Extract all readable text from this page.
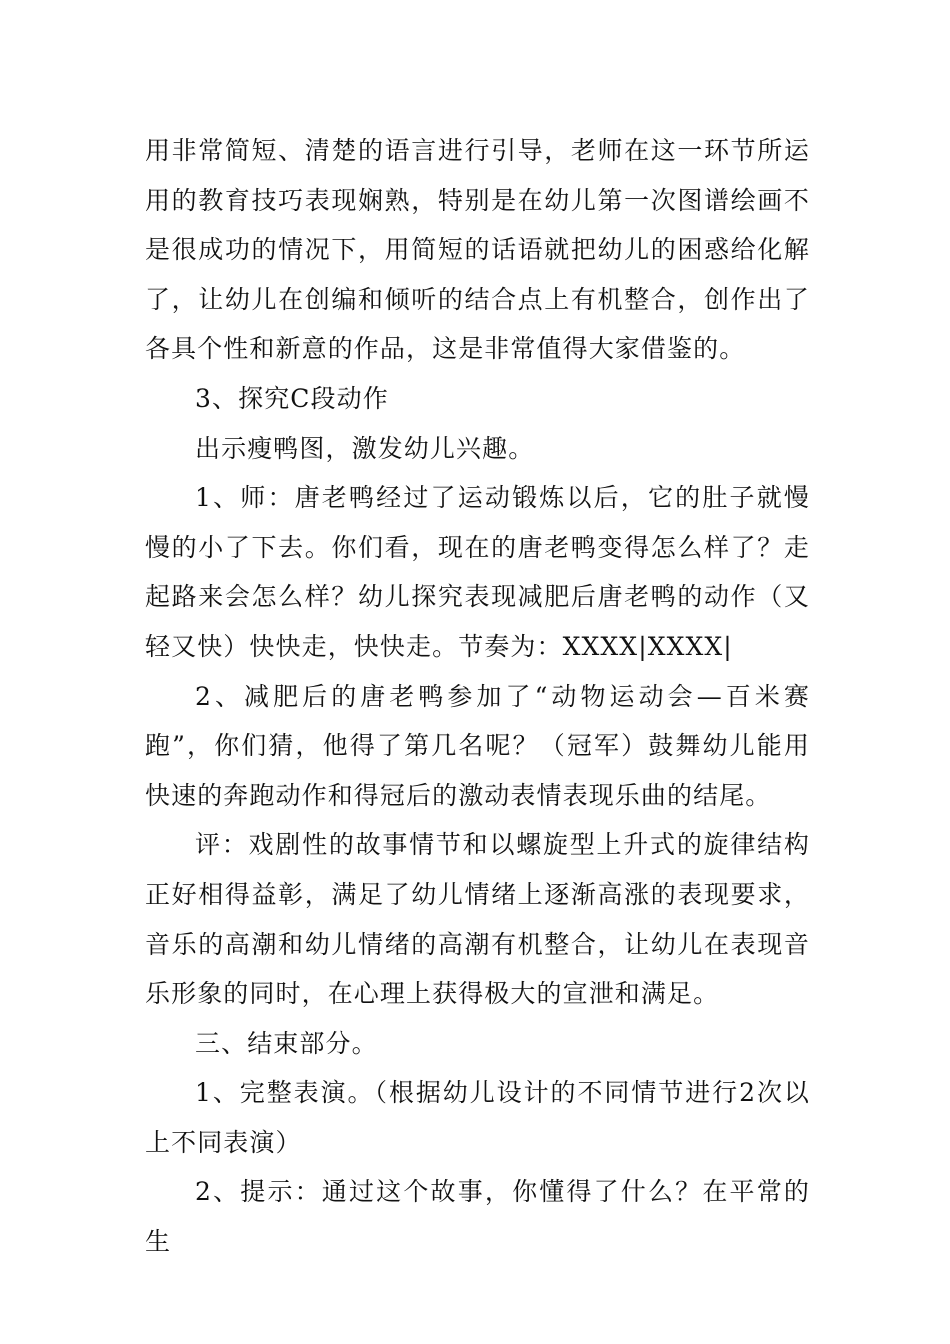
用非常简短、清楚的语言进行引导，老师在这一环节所运用的教育技巧表现娴熟，特别是在幼儿第一次图谱绘画不是很成功的情况下，用简短的话语就把幼儿的困惑给化解了，让幼儿在创编和倾听的结合点上有机整合，创作出了各具个性和新意的作品，这是非常值得大家借鉴的。

3、探究C段动作

出示瘦鸭图，激发幼儿兴趣。

1、师：唐老鸭经过了运动锻炼以后，它的肚子就慢慢的小了下去。你们看，现在的唐老鸭变得怎么样了？走起路来会怎么样？幼儿探究表现减肥后唐老鸭的动作（又轻又快）快快走，快快走。节奏为：XXXX|XXXX|

2、减肥后的唐老鸭参加了“动物运动会—百米赛跑”，你们猜，他得了第几名呢？（冠军）鼓舞幼儿能用快速的奔跑动作和得冠后的激动表情表现乐曲的结尾。

评：戏剧性的故事情节和以螺旋型上升式的旋律结构正好相得益彰，满足了幼儿情绪上逐渐高涨的表现要求，音乐的高潮和幼儿情绪的高潮有机整合，让幼儿在表现音乐形象的同时，在心理上获得极大的宣泄和满足。

三、结束部分。

1、完整表演。（根据幼儿设计的不同情节进行2次以上不同表演）

2、提示：通过这个故事，你懂得了什么？在平常的生
